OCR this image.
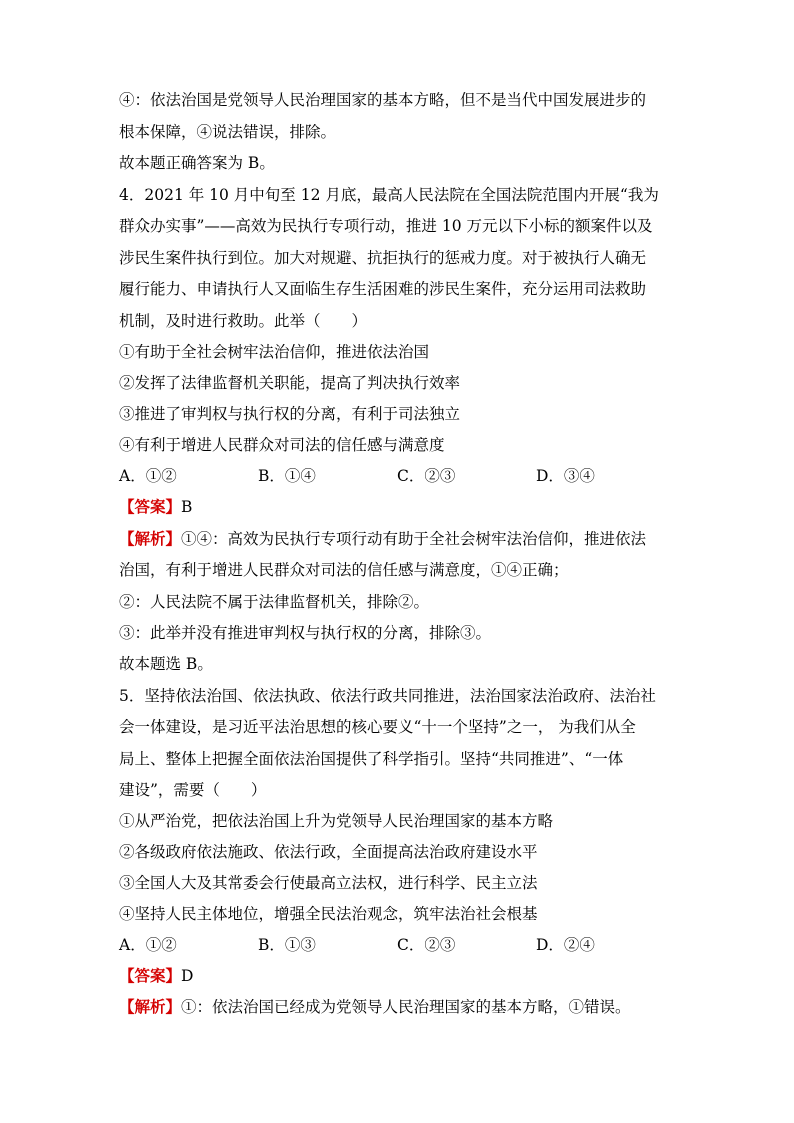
④：依法治国是党领导人民治理国家的基本方略，但不是当代中国发展进步的
根本保障，④说法错误，排除。
故本题正确答案为 B。
4．2021 年 10 月中旬至 12 月底，最高人民法院在全国法院范围内开展“我为
群众办实事”——高效为民执行专项行动，推进 10 万元以下小标的额案件以及
涉民生案件执行到位。加大对规避、抗拒执行的惩戒力度。对于被执行人确无
履行能力、申请执行人又面临生存生活困难的涉民生案件，充分运用司法救助
机制，及时进行救助。此举（　　）
①有助于全社会树牢法治信仰，推进依法治国
②发挥了法律监督机关职能，提高了判决执行效率
③推进了审判权与执行权的分离，有利于司法独立
④有利于增进人民群众对司法的信任感与满意度
A．①②	B．①④	C．②③	D．③④
【答案】B
【解析】①④：高效为民执行专项行动有助于全社会树牢法治信仰，推进依法
治国，有利于增进人民群众对司法的信任感与满意度，①④正确；
②：人民法院不属于法律监督机关，排除②。
③：此举并没有推进审判权与执行权的分离，排除③。
故本题选 B。
5．坚持依法治国、依法执政、依法行政共同推进，法治国家法治政府、法治社
会一体建设，是习近平法治思想的核心要义“十一个坚持”之一， 为我们从全
局上、整体上把握全面依法治国提供了科学指引。坚持“共同推进”、“一体
建设”，需要（　　）
①从严治党，把依法治国上升为党领导人民治理国家的基本方略
②各级政府依法施政、依法行政，全面提高法治政府建设水平
③全国人大及其常委会行使最高立法权，进行科学、民主立法
④坚持人民主体地位，增强全民法治观念，筑牢法治社会根基
A．①②	B．①③	C．②③	D．②④
【答案】D
【解析】①：依法治国已经成为党领导人民治理国家的基本方略，①错误。
